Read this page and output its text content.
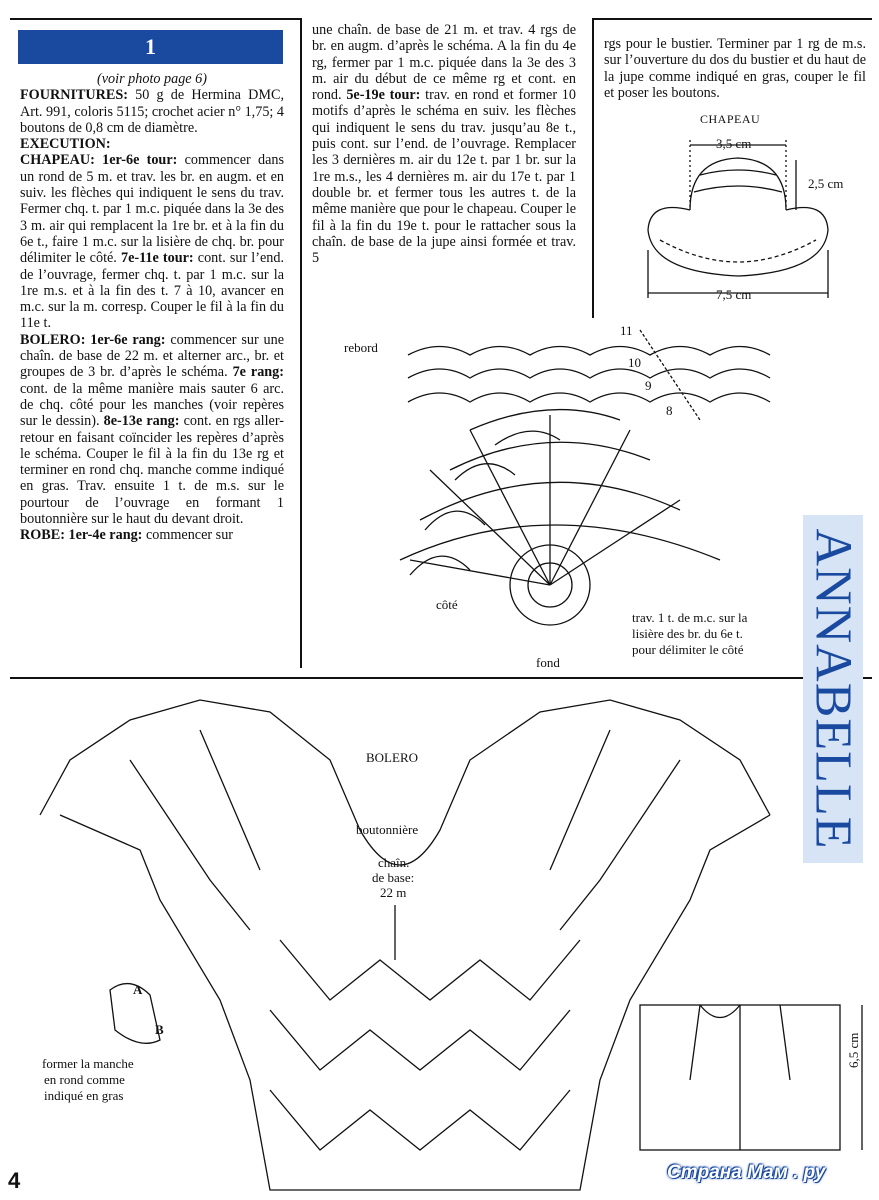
1

(voir photo page 6)

FOURNITURES: 50 g de Hermina DMC, Art. 991, coloris 5115; crochet acier n° 1,75; 4 boutons de 0,8 cm de diamètre.

EXECUTION:

CHAPEAU: 1er-6e tour: commencer dans un rond de 5 m. et trav. les br. en augm. et en suiv. les flèches qui indiquent le sens du trav. Fermer chq. t. par 1 m.c. piquée dans la 3e des 3 m. air qui remplacent la 1re br. et à la fin du 6e t., faire 1 m.c. sur la lisière de chq. br. pour délimiter le côté. 7e-11e tour: cont. sur l’end. de l’ouvrage, fermer chq. t. par 1 m.c. sur la 1re m.s. et à la fin des t. 7 à 10, avancer en m.c. sur la m. corresp. Couper le fil à la fin du 11e t.

BOLERO: 1er-6e rang: commencer sur une chaîn. de base de 22 m. et alterner arc., br. et groupes de 3 br. d’après le schéma. 7e rang: cont. de la même manière mais sauter 6 arc. de chq. côté pour les manches (voir repères sur le dessin). 8e-13e rang: cont. en rgs aller-retour en faisant coïncider les repères d’après le schéma. Couper le fil à la fin du 13e rg et terminer en rond chq. manche comme indiqué en gras. Trav. ensuite 1 t. de m.s. sur le pourtour de l’ouvrage en formant 1 boutonnière sur le haut du devant droit.

ROBE: 1er-4e rang: commencer sur

une chaîn. de base de 21 m. et trav. 4 rgs de br. en augm. d’après le schéma. A la fin du 4e rg, fermer par 1 m.c. piquée dans la 3e des 3 m. air du début de ce même rg et cont. en rond. 5e-19e tour: trav. en rond et former 10 motifs d’après le schéma en suiv. les flèches qui indiquent le sens du trav. jusqu’au 8e t., puis cont. sur l’end. de l’ouvrage. Remplacer les 3 dernières m. air du 12e t. par 1 br. sur la 1re m.s., les 4 dernières m. air du 17e t. par 1 double br. et fermer tous les autres t. de la même manière que pour le chapeau. Couper le fil à la fin du 19e t. pour le rattacher sous la chaîn. de base de la jupe ainsi formée et trav. 5

rgs pour le bustier. Terminer par 1 rg de m.s. sur l’ouverture du dos du bustier et du haut de la jupe comme indiqué en gras, couper le fil et poser les boutons.

CHAPEAU
3,5 cm
2,5 cm
7,5 cm
rebord
côté
fond
11
10
9
8
trav. 1 t. de m.c. sur la
lisière des br. du 6e t.
pour délimiter le côté
BOLERO
boutonnière
chaîn.
de base:
22 m
A
B
former la manche
en rond comme
indiqué en gras
6,5 cm
ANNABELLE
4	Страна Мам . ру
